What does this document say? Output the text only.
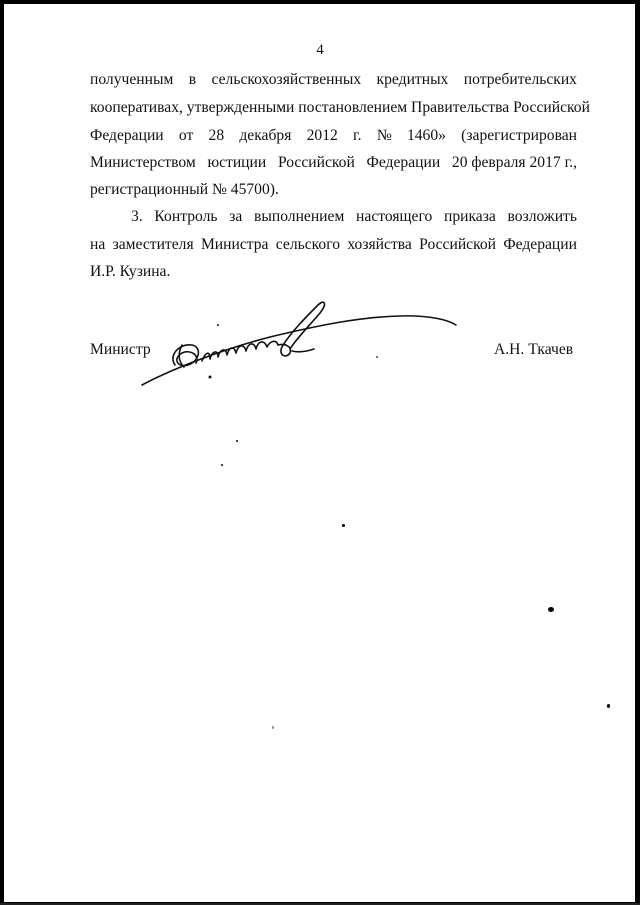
4
полученным в сельскохозяйственных кредитных потребительских
кооперативах, утвержденными постановлением Правительства Российской
Федерации от 28 декабря 2012 г. № 1460» (зарегистрирован
Министерством юстиции Российской Федерации 20 февраля 2017 г.,
регистрационный № 45700).
3. Контроль за выполнением настоящего приказа возложить
на заместителя Министра сельского хозяйства Российской Федерации
И.Р. Кузина.
Министр	А.Н. Ткачев
